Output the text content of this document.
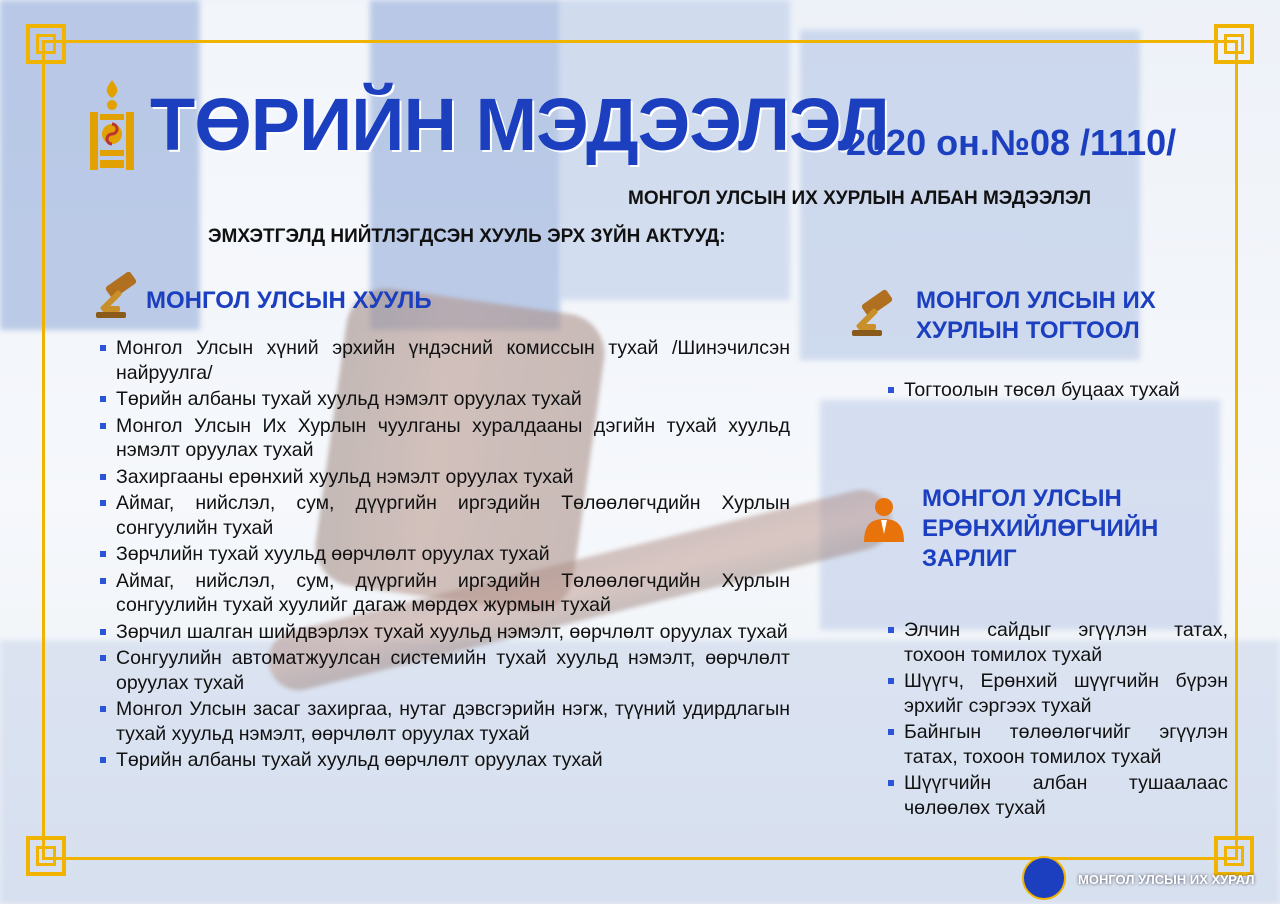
ТӨРИЙН МЭДЭЭЛЭЛ
2020 он.№08 /1110/
МОНГОЛ УЛСЫН ИХ ХУРЛЫН АЛБАН МЭДЭЭЛЭЛ
ЭМХЭТГЭЛД НИЙТЛЭГДСЭН ХУУЛЬ ЭРХ ЗҮЙН АКТУУД:
МОНГОЛ УЛСЫН ХУУЛЬ
Монгол Улсын хүний эрхийн үндэсний комиссын тухай /Шинэчилсэн найруулга/
Төрийн албаны тухай хуульд нэмэлт оруулах тухай
Монгол Улсын Их Хурлын чуулганы хуралдааны дэгийн тухай хуульд нэмэлт оруулах тухай
Захиргааны ерөнхий хуульд нэмэлт оруулах тухай
Аймаг, нийслэл, сум, дүүргийн иргэдийн Төлөөлөгчдийн Хурлын сонгуулийн тухай
Зөрчлийн тухай хуульд өөрчлөлт оруулах тухай
Аймаг, нийслэл, сум, дүүргийн иргэдийн Төлөөлөгчдийн Хурлын сонгуулийн тухай хуулийг дагаж мөрдөх журмын тухай
Зөрчил шалган шийдвэрлэх тухай хуульд нэмэлт, өөрчлөлт оруулах тухай
Сонгуулийн автоматжуулсан системийн тухай хуульд нэмэлт, өөрчлөлт оруулах тухай
Монгол Улсын засаг захиргаа, нутаг дэвсгэрийн нэгж, түүний удирдлагын тухай хуульд нэмэлт, өөрчлөлт оруулах тухай
Төрийн албаны тухай хуульд өөрчлөлт оруулах тухай
МОНГОЛ УЛСЫН ИХ
ХУРЛЫН ТОГТООЛ
Тогтоолын төсөл буцаах тухай
МОНГОЛ УЛСЫН
ЕРӨНХИЙЛӨГЧИЙН
ЗАРЛИГ
Элчин сайдыг эгүүлэн татах, тохоон томилох тухай
Шүүгч, Ерөнхий шүүгчийн бүрэн эрхийг сэргээх тухай
Байнгын төлөөлөгчийг эгүүлэн татах, тохоон томилох тухай
Шүүгчийн албан тушаалаас чөлөөлөх тухай
МОНГОЛ УЛСЫН ИХ ХУРАЛ
